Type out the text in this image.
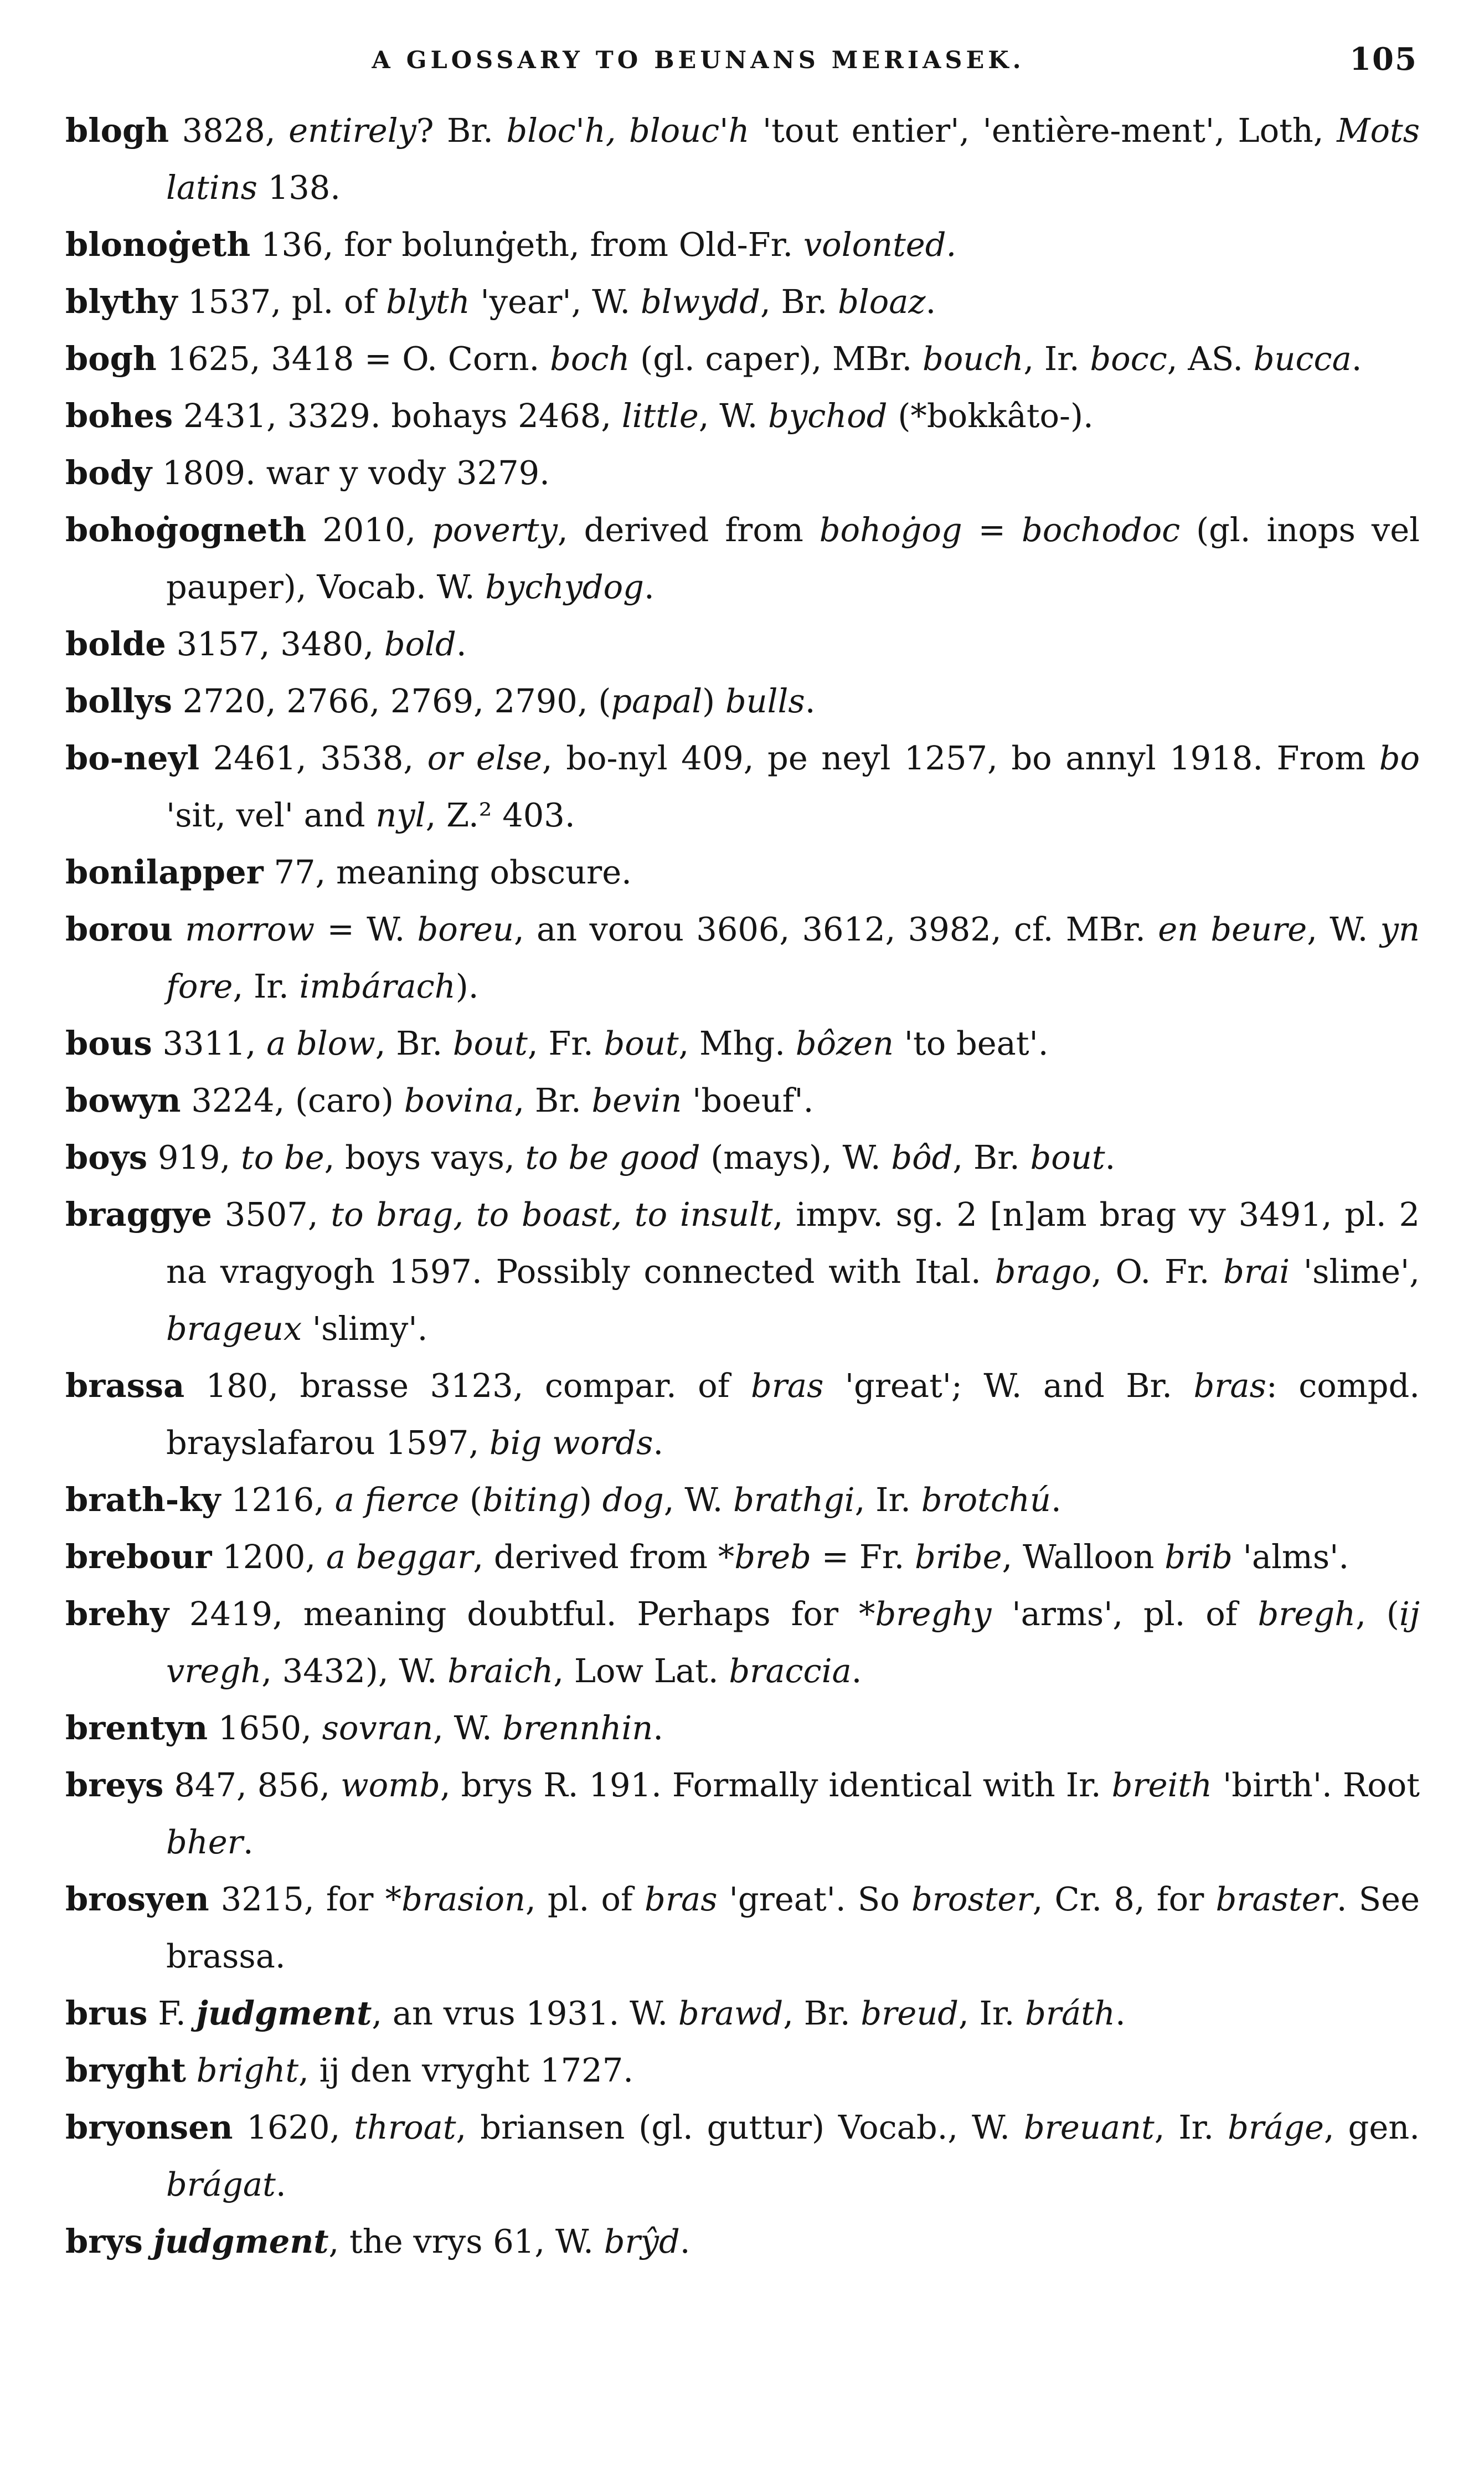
A GLOSSARY TO BEUNANS MERIASEK.	105

blogh 3828, entirely? Br. bloc'h, blouc'h 'tout entier', 'entière-ment', Loth, Mots latins 138.

blonoġeth 136, for bolunġeth, from Old-Fr. volonted.

blythy 1537, pl. of blyth 'year', W. blwydd, Br. bloaz.

bogh 1625, 3418 = O. Corn. boch (gl. caper), MBr. bouch, Ir. bocc, AS. bucca.

bohes 2431, 3329. bohays 2468, little, W. bychod (*bokkâto-).

body 1809. war y vody 3279.

bohoġogneth 2010, poverty, derived from bohoġog = bochodoc (gl. inops vel pauper), Vocab. W. bychydog.

bolde 3157, 3480, bold.

bollys 2720, 2766, 2769, 2790, (papal) bulls.

bo-neyl 2461, 3538, or else, bo-nyl 409, pe neyl 1257, bo annyl 1918. From bo 'sit, vel' and nyl, Z.² 403.

bonilapper 77, meaning obscure.

borou morrow = W. boreu, an vorou 3606, 3612, 3982, cf. MBr. en beure, W. yn fore, Ir. imbárach).

bous 3311, a blow, Br. bout, Fr. bout, Mhg. bôzen 'to beat'.

bowyn 3224, (caro) bovina, Br. bevin 'boeuf'.

boys 919, to be, boys vays, to be good (mays), W. bôd, Br. bout.

braggye 3507, to brag, to boast, to insult, impv. sg. 2 [n]am brag vy 3491, pl. 2 na vragyogh 1597. Possibly connected with Ital. brago, O. Fr. brai 'slime', brageux 'slimy'.

brassa 180, brasse 3123, compar. of bras 'great'; W. and Br. bras: compd. brayslafarou 1597, big words.

brath-ky 1216, a fierce (biting) dog, W. brathgi, Ir. brotchú.

brebour 1200, a beggar, derived from *breb = Fr. bribe, Walloon brib 'alms'.

brehy 2419, meaning doubtful. Perhaps for *breghy 'arms', pl. of bregh, (ij vregh, 3432), W. braich, Low Lat. braccia.

brentyn 1650, sovran, W. brennhin.

breys 847, 856, womb, brys R. 191. Formally identical with Ir. breith 'birth'. Root bher.

brosyen 3215, for *brasion, pl. of bras 'great'. So broster, Cr. 8, for braster. See brassa.

brus F. judgment, an vrus 1931. W. brawd, Br. breud, Ir. bráth.

bryght bright, ij den vryght 1727.

bryonsen 1620, throat, briansen (gl. guttur) Vocab., W. breuant, Ir. bráge, gen. brágat.

brys judgment, the vrys 61, W. brŷd.
